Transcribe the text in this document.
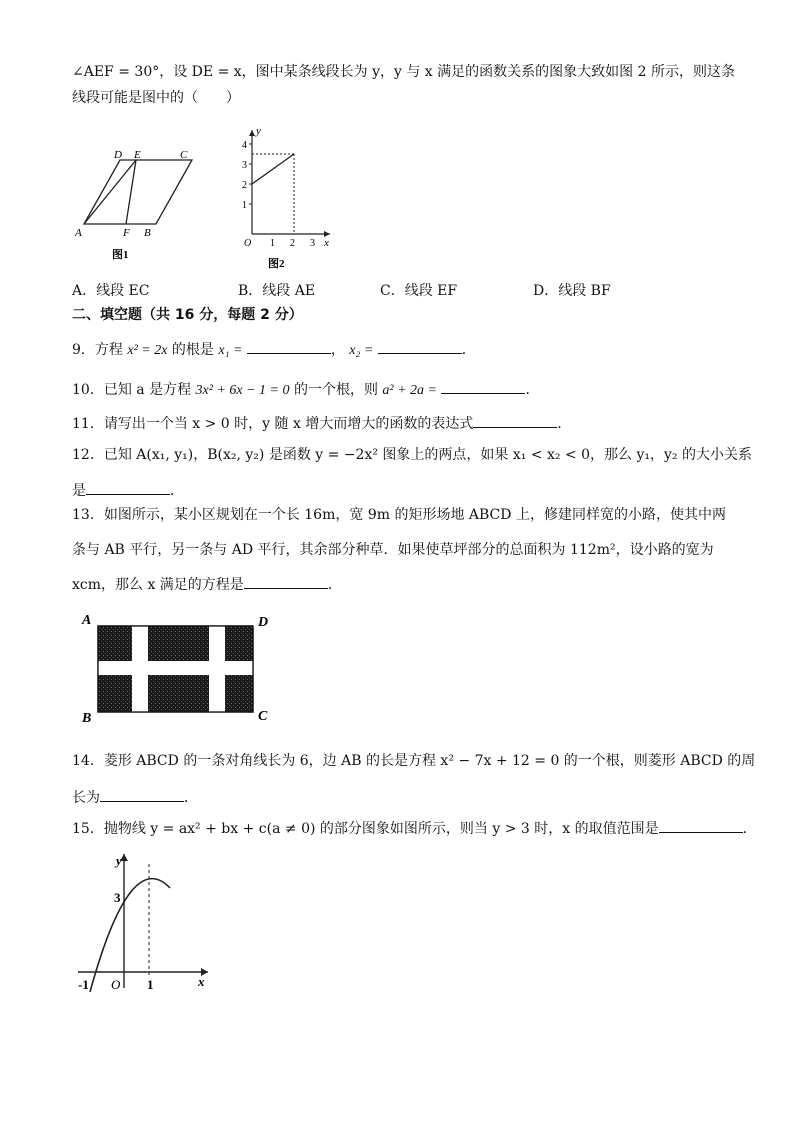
∠AEF = 30°，设 DE = x，图中某条线段长为 y，y 与 x 满足的函数关系的图象大致如图 2 所示，则这条
线段可能是图中的（　　）
D E	C
A	F B
图1
y
4
3
2
1
O 1 2 3 x
图2
A．线段 EC	B．线段 AE	C．线段 EF	D．线段 BF
二、填空题（共 16 分，每题 2 分）
9．方程 x² = 2x 的根是 x₁ =	， x₂ =	．
10．已知 a 是方程 3x² + 6x − 1 = 0 的一个根，则 a² + 2a =	．
11．请写出一个当 x > 0 时，y 随 x 增大而增大的函数的表达式	．
12．已知 A(x₁, y₁)，B(x₂, y₂) 是函数 y = −2x² 图象上的两点，如果 x₁ < x₂ < 0，那么 y₁，y₂ 的大小关系
是	．
13．如图所示，某小区规划在一个长 16m，宽 9m 的矩形场地 ABCD 上，修建同样宽的小路，使其中两
条与 AB 平行，另一条与 AD 平行，其余部分种草．如果使草坪部分的总面积为 112m²，设小路的宽为
xcm，那么 x 满足的方程是	．
A	D
B	C
14．菱形 ABCD 的一条对角线长为 6，边 AB 的长是方程 x² − 7x + 12 = 0 的一个根，则菱形 ABCD 的周
长为	．
15．抛物线 y = ax² + bx + c(a ≠ 0) 的部分图象如图所示，则当 y > 3 时，x 的取值范围是	．
y
x
3
-1 O 1
